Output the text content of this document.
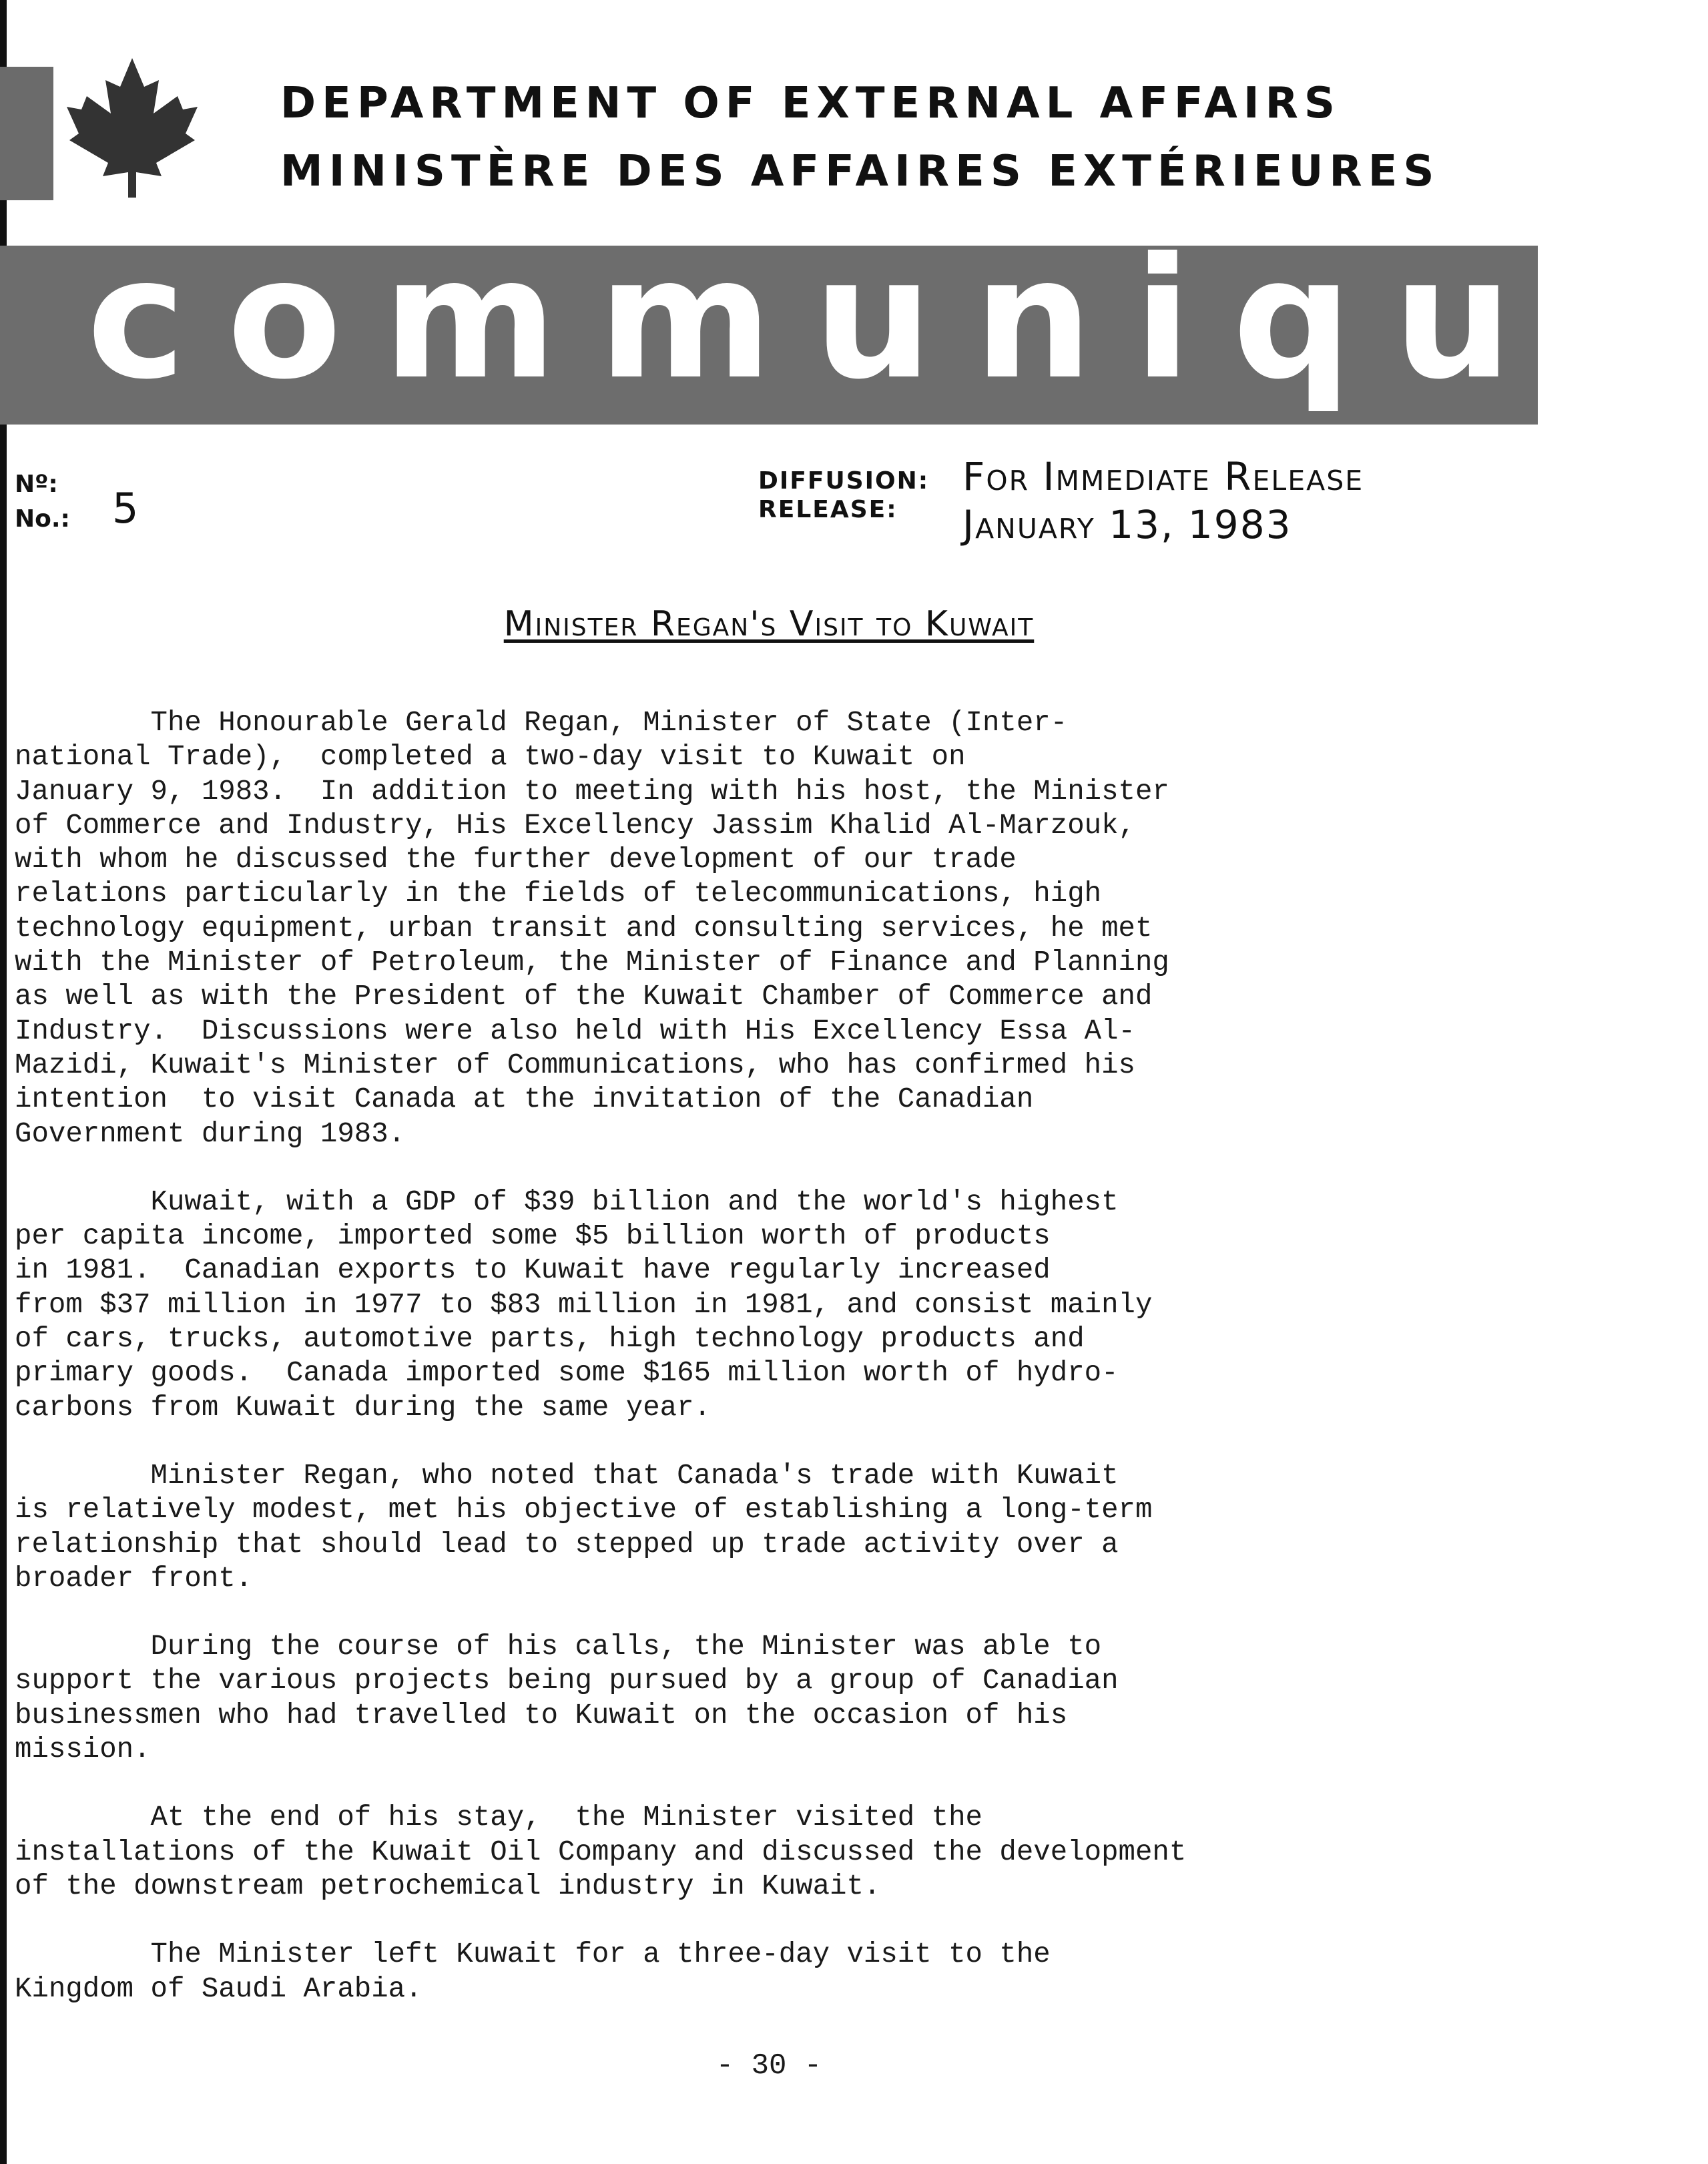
DEPARTMENT OF EXTERNAL AFFAIRS
MINISTÈRE DES AFFAIRES EXTÉRIEURES
communiqué
Nº:
No.: 5
DIFFUSION:
RELEASE:
For Immediate Release
January 13, 1983
Minister Regan's Visit to Kuwait
The Honourable Gerald Regan, Minister of State (Inter-
national Trade),  completed a two-day visit to Kuwait on
January 9, 1983.  In addition to meeting with his host, the Minister
of Commerce and Industry, His Excellency Jassim Khalid Al-Marzouk,
with whom he discussed the further development of our trade
relations particularly in the fields of telecommunications, high
technology equipment, urban transit and consulting services, he met
with the Minister of Petroleum, the Minister of Finance and Planning
as well as with the President of the Kuwait Chamber of Commerce and
Industry.  Discussions were also held with His Excellency Essa Al-
Mazidi, Kuwait's Minister of Communications, who has confirmed his
intention  to visit Canada at the invitation of the Canadian
Government during 1983.
Kuwait, with a GDP of $39 billion and the world's highest
per capita income, imported some $5 billion worth of products
in 1981.  Canadian exports to Kuwait have regularly increased
from $37 million in 1977 to $83 million in 1981, and consist mainly
of cars, trucks, automotive parts, high technology products and
primary goods.  Canada imported some $165 million worth of hydro-
carbons from Kuwait during the same year.
Minister Regan, who noted that Canada's trade with Kuwait
is relatively modest, met his objective of establishing a long-term
relationship that should lead to stepped up trade activity over a
broader front.
During the course of his calls, the Minister was able to
support the various projects being pursued by a group of Canadian
businessmen who had travelled to Kuwait on the occasion of his
mission.
At the end of his stay,  the Minister visited the
installations of the Kuwait Oil Company and discussed the development
of the downstream petrochemical industry in Kuwait.
The Minister left Kuwait for a three-day visit to the
Kingdom of Saudi Arabia.
- 30 -
